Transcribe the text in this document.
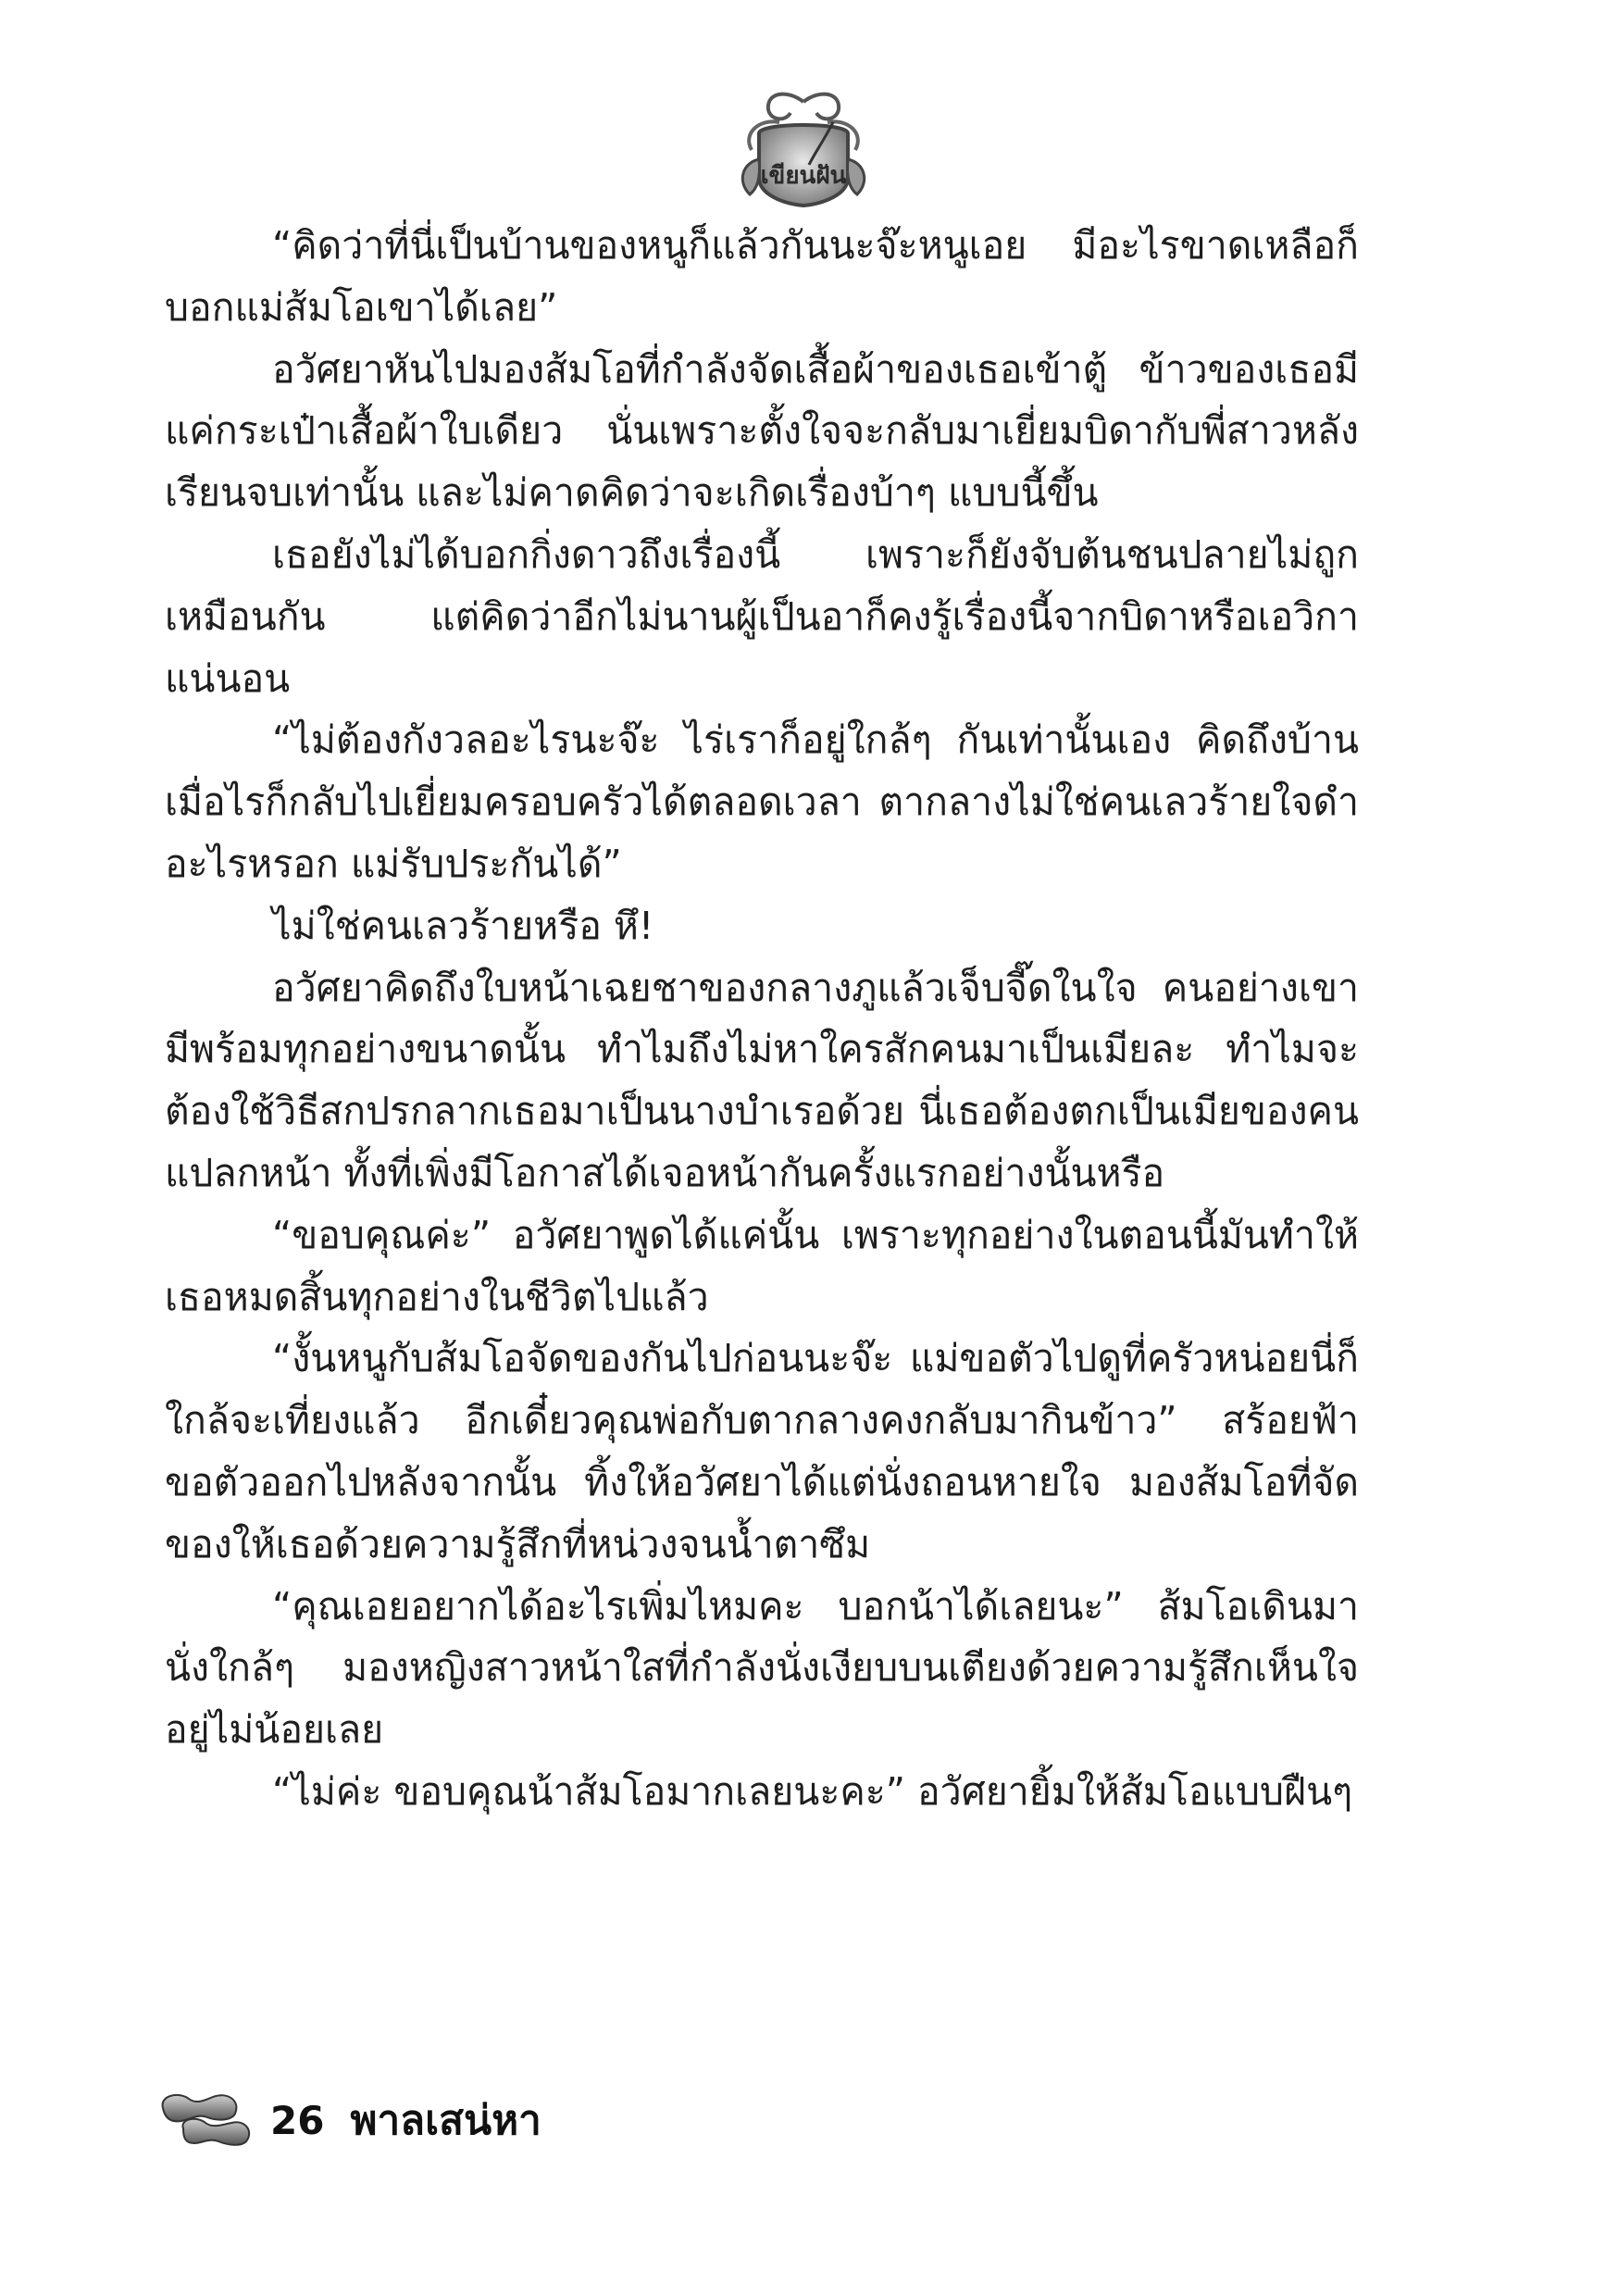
เขียนฝัน

“คิดว่าที่นี่เป็นบ้านของหนูก็แล้วกันนะจ๊ะหนูเอย มีอะไรขาดเหลือก็บอกแม่ส้มโอเขาได้เลย”

อวัศยาหันไปมองส้มโอที่กำลังจัดเสื้อผ้าของเธอเข้าตู้ ข้าวของเธอมีแค่กระเป๋าเสื้อผ้าใบเดียว นั่นเพราะตั้งใจจะกลับมาเยี่ยมบิดากับพี่สาวหลังเรียนจบเท่านั้น และไม่คาดคิดว่าจะเกิดเรื่องบ้าๆ แบบนี้ขึ้น

เธอยังไม่ได้บอกกิ่งดาวถึงเรื่องนี้ เพราะก็ยังจับต้นชนปลายไม่ถูกเหมือนกัน แต่คิดว่าอีกไม่นานผู้เป็นอาก็คงรู้เรื่องนี้จากบิดาหรือเอวิกาแน่นอน

“ไม่ต้องกังวลอะไรนะจ๊ะ ไร่เราก็อยู่ใกล้ๆ กันเท่านั้นเอง คิดถึงบ้านเมื่อไรก็กลับไปเยี่ยมครอบครัวได้ตลอดเวลา ตากลางไม่ใช่คนเลวร้ายใจดำอะไรหรอก แม่รับประกันได้”

ไม่ใช่คนเลวร้ายหรือ หึ!

อวัศยาคิดถึงใบหน้าเฉยชาของกลางภูแล้วเจ็บจี๊ดในใจ คนอย่างเขามีพร้อมทุกอย่างขนาดนั้น ทำไมถึงไม่หาใครสักคนมาเป็นเมียละ ทำไมจะต้องใช้วิธีสกปรกลากเธอมาเป็นนางบำเรอด้วย นี่เธอต้องตกเป็นเมียของคนแปลกหน้า ทั้งที่เพิ่งมีโอกาสได้เจอหน้ากันครั้งแรกอย่างนั้นหรือ

“ขอบคุณค่ะ” อวัศยาพูดได้แค่นั้น เพราะทุกอย่างในตอนนี้มันทำให้เธอหมดสิ้นทุกอย่างในชีวิตไปแล้ว

“งั้นหนูกับส้มโอจัดของกันไปก่อนนะจ๊ะ แม่ขอตัวไปดูที่ครัวหน่อยนี่ก็ใกล้จะเที่ยงแล้ว อีกเดี๋ยวคุณพ่อกับตากลางคงกลับมากินข้าว” สร้อยฟ้าขอตัวออกไปหลังจากนั้น ทิ้งให้อวัศยาได้แต่นั่งถอนหายใจ มองส้มโอที่จัดของให้เธอด้วยความรู้สึกที่หน่วงจนน้ำตาซึม

“คุณเอยอยากได้อะไรเพิ่มไหมคะ บอกน้าได้เลยนะ” ส้มโอเดินมานั่งใกล้ๆ มองหญิงสาวหน้าใสที่กำลังนั่งเงียบบนเตียงด้วยความรู้สึกเห็นใจอยู่ไม่น้อยเลย

“ไม่ค่ะ ขอบคุณน้าส้มโอมากเลยนะคะ” อวัศยายิ้มให้ส้มโอแบบฝืนๆ

26 พาลเสน่หา
